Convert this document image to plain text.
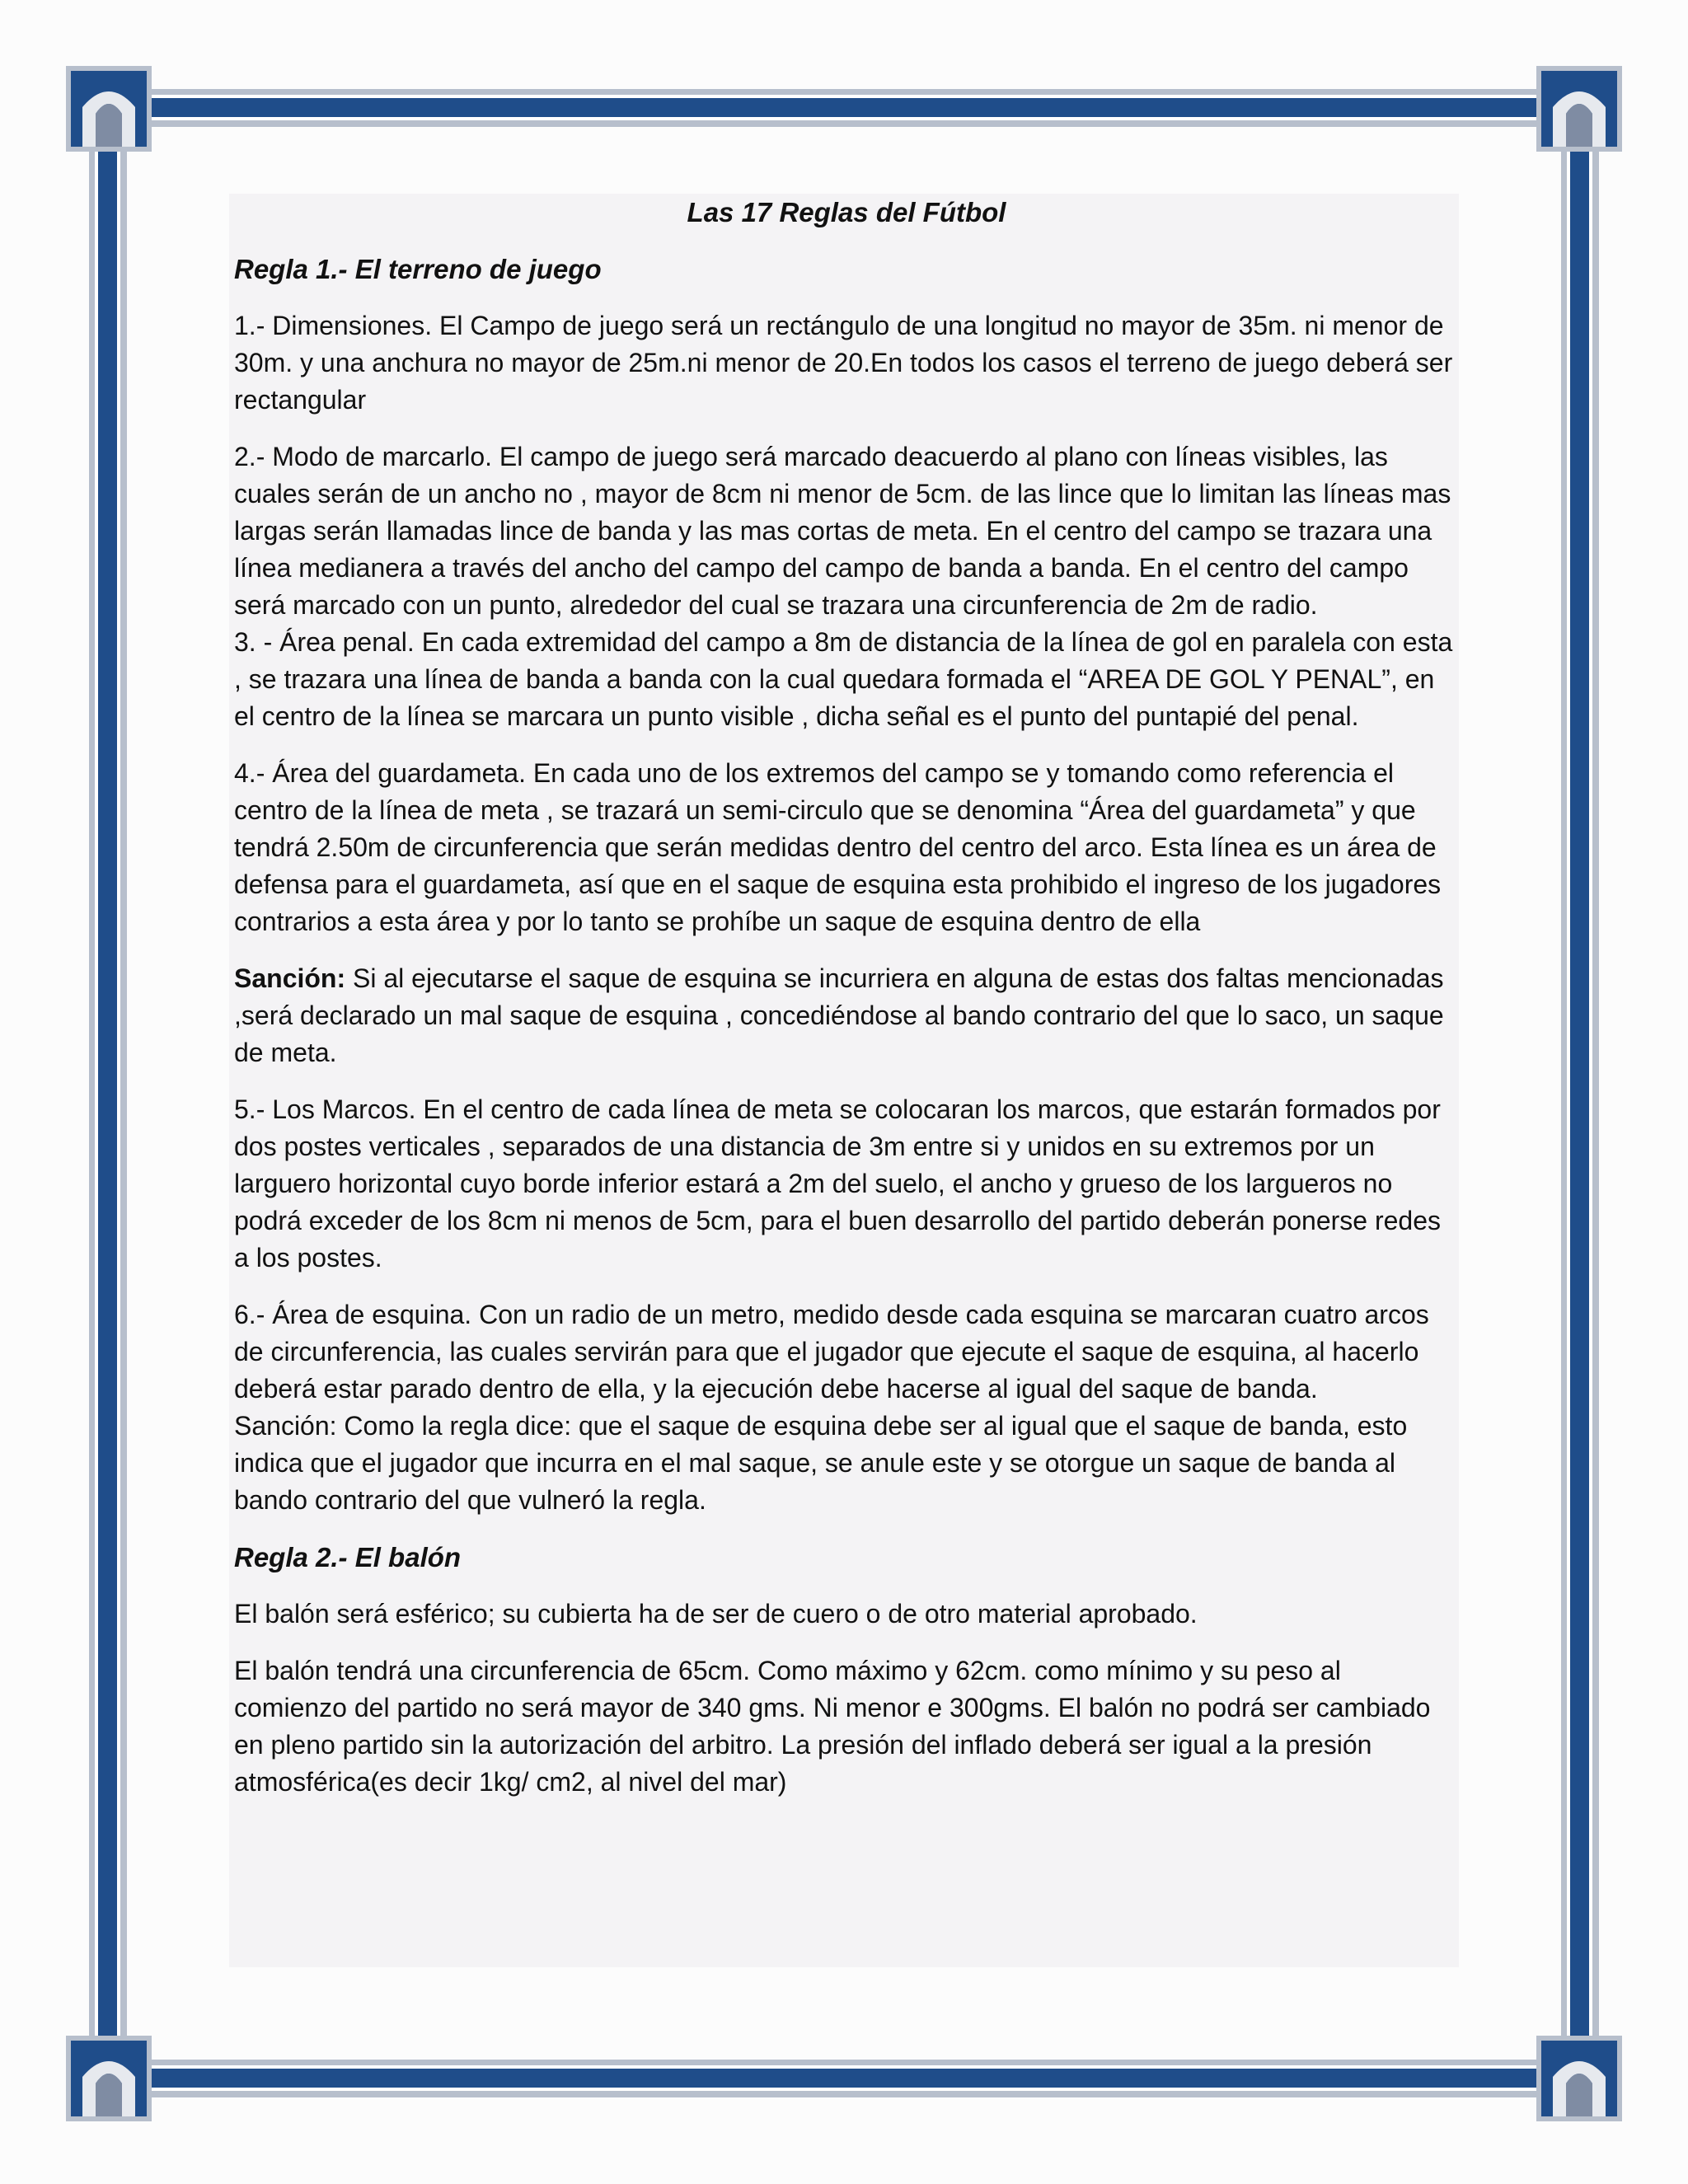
Las 17 Reglas del Fútbol

Regla 1.- El terreno de juego

1.- Dimensiones. El Campo de juego será un rectángulo de una longitud no mayor de 35m. ni menor de 30m. y una anchura no mayor de 25m.ni menor de 20.En todos los casos el terreno de juego deberá ser rectangular

2.- Modo de marcarlo. El campo de juego será marcado deacuerdo al plano con líneas visibles, las cuales serán de un ancho no , mayor de 8cm ni menor de 5cm. de las lince que lo limitan las líneas mas largas serán llamadas lince de banda y las mas cortas de meta. En el centro del campo se trazara una línea medianera a través del ancho del campo del campo de banda a banda. En el centro del campo será marcado con un punto, alrededor del cual se trazara una circunferencia de 2m de radio.

3. - Área penal. En cada extremidad del campo a 8m de distancia de la línea de gol en paralela con esta , se trazara una línea de banda a banda con la cual quedara formada el “AREA DE GOL Y PENAL”, en el centro de la línea se marcara un punto visible , dicha señal es el punto del puntapié del penal.

4.- Área del guardameta. En cada uno de los extremos del campo se y tomando como referencia el centro de la línea de meta , se trazará un semi-circulo que se denomina “Área del guardameta” y que tendrá 2.50m de circunferencia que serán medidas dentro del centro del arco. Esta línea es un área de defensa para el guardameta, así que en el saque de esquina esta prohibido el ingreso de los jugadores contrarios a esta área y por lo tanto se prohíbe un saque de esquina dentro de ella

Sanción: Si al ejecutarse el saque de esquina se incurriera en alguna de estas dos faltas mencionadas ,será declarado un mal saque de esquina , concediéndose al bando contrario del que lo saco, un saque de meta.

5.- Los Marcos. En el centro de cada línea de meta se colocaran los marcos, que estarán formados por dos postes verticales , separados de una distancia de 3m entre si y unidos en su extremos por un larguero horizontal cuyo borde inferior estará a 2m del suelo, el ancho y grueso de los largueros no podrá exceder de los 8cm ni menos de 5cm, para el buen desarrollo del partido deberán ponerse redes a los postes.

6.- Área de esquina. Con un radio de un metro, medido desde cada esquina se marcaran cuatro arcos de circunferencia, las cuales servirán para que el jugador que ejecute el saque de esquina, al hacerlo deberá estar parado dentro de ella, y la ejecución debe hacerse al igual del saque de banda.

Sanción: Como la regla dice: que el saque de esquina debe ser al igual que el saque de banda, esto indica que el jugador que incurra en el mal saque, se anule este y se otorgue un saque de banda al bando contrario del que vulneró la regla.

Regla 2.- El balón

El balón será esférico; su cubierta ha de ser de cuero o de otro material aprobado.

El balón tendrá una circunferencia de 65cm. Como máximo y 62cm. como mínimo y su peso al comienzo del partido no será mayor de 340 gms. Ni menor e 300gms. El balón no podrá ser cambiado en pleno partido sin la autorización del arbitro. La presión del inflado deberá ser igual a la presión atmosférica(es decir 1kg/ cm2, al nivel del mar)
